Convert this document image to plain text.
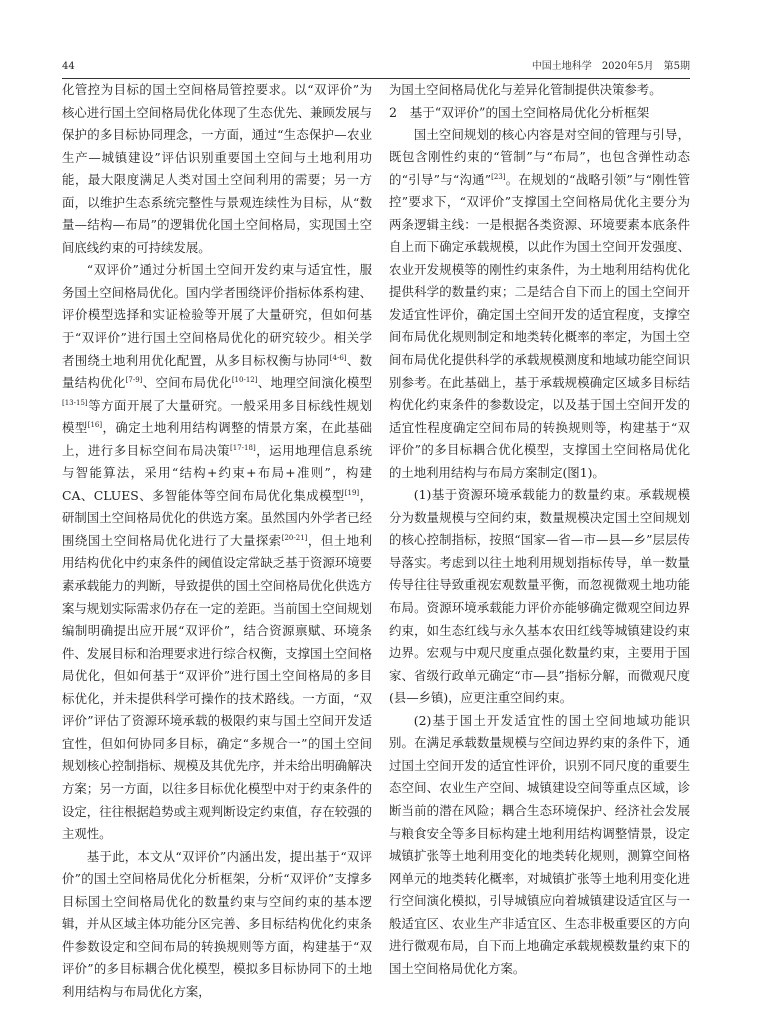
44	中国土地科学　 2020年5月　第5期

化管控为目标的国土空间格局管控要求。以“双评价”为核心进行国土空间格局优化体现了生态优先、兼顾发展与保护的多目标协同理念，一方面，通过“生态保护—农业生产—城镇建设”评估识别重要国土空间与土地利用功能，最大限度满足人类对国土空间利用的需要；另一方面，以维护生态系统完整性与景观连续性为目标，从“数量—结构—布局”的逻辑优化国土空间格局，实现国土空间底线约束的可持续发展。

“双评价”通过分析国土空间开发约束与适宜性，服务国土空间格局优化。国内学者围绕评价指标体系构建、评价模型选择和实证检验等开展了大量研究，但如何基于“双评价”进行国土空间格局优化的研究较少。相关学者围绕土地利用优化配置，从多目标权衡与协同[4-6]、数量结构优化[7-9]、空间布局优化[10-12]、地理空间演化模型[13-15]等方面开展了大量研究。一般采用多目标线性规划模型[16]，确定土地利用结构调整的情景方案，在此基础上，进行多目标空间布局决策[17-18]，运用地理信息系统与智能算法，采用“结构+约束+布局+准则”，构建CA、CLUES、多智能体等空间布局优化集成模型[19]，研制国土空间格局优化的供选方案。虽然国内外学者已经围绕国土空间格局优化进行了大量探索[20-21]，但土地利用结构优化中约束条件的阈值设定常缺乏基于资源环境要素承载能力的判断，导致提供的国土空间格局优化供选方案与规划实际需求仍存在一定的差距。当前国土空间规划编制明确提出应开展“双评价”，结合资源禀赋、环境条件、发展目标和治理要求进行综合权衡，支撑国土空间格局优化，但如何基于“双评价”进行国土空间格局的多目标优化，并未提供科学可操作的技术路线。一方面，“双评价”评估了资源环境承载的极限约束与国土空间开发适宜性，但如何协同多目标，确定“多规合一”的国土空间规划核心控制指标、规模及其优先序，并未给出明确解决方案；另一方面，以往多目标优化模型中对于约束条件的设定，往往根据趋势或主观判断设定约束值，存在较强的主观性。

基于此，本文从“双评价”内涵出发，提出基于“双评价”的国土空间格局优化分析框架，分析“双评价”支撑多目标国土空间格局优化的数量约束与空间约束的基本逻辑，并从区域主体功能分区完善、多目标结构优化约束条件参数设定和空间布局的转换规则等方面，构建基于“双评价”的多目标耦合优化模型，模拟多目标协同下的土地利用结构与布局优化方案，

为国土空间格局优化与差异化管制提供决策参考。

2　基于“双评价”的国土空间格局优化分析框架

国土空间规划的核心内容是对空间的管理与引导，既包含刚性约束的“管制”与“布局”，也包含弹性动态的“引导”与“沟通”[23]。在规划的“战略引领”与“刚性管控”要求下，“双评价”支撑国土空间格局优化主要分为两条逻辑主线：一是根据各类资源、环境要素本底条件自上而下确定承载规模，以此作为国土空间开发强度、农业开发规模等的刚性约束条件，为土地利用结构优化提供科学的数量约束；二是结合自下而上的国土空间开发适宜性评价，确定国土空间开发的适宜程度，支撑空间布局优化规则制定和地类转化概率的率定，为国土空间布局优化提供科学的承载规模测度和地域功能空间识别参考。在此基础上，基于承载规模确定区域多目标结构优化约束条件的参数设定，以及基于国土空间开发的适宜性程度确定空间布局的转换规则等，构建基于“双评价”的多目标耦合优化模型，支撑国土空间格局优化的土地利用结构与布局方案制定(图1)。

(1)基于资源环境承载能力的数量约束。承载规模分为数量规模与空间约束，数量规模决定国土空间规划的核心控制指标，按照“国家—省—市—县—乡”层层传导落实。考虑到以往土地利用规划指标传导，单一数量传导往往导致重视宏观数量平衡，而忽视微观土地功能布局。资源环境承载能力评价亦能够确定微观空间边界约束，如生态红线与永久基本农田红线等城镇建设约束边界。宏观与中观尺度重点强化数量约束，主要用于国家、省级行政单元确定“市—县”指标分解，而微观尺度(县—乡镇)，应更注重空间约束。

(2)基于国土开发适宜性的国土空间地域功能识别。在满足承载数量规模与空间边界约束的条件下，通过国土空间开发的适宜性评价，识别不同尺度的重要生态空间、农业生产空间、城镇建设空间等重点区域，诊断当前的潜在风险；耦合生态环境保护、经济社会发展与粮食安全等多目标构建土地利用结构调整情景，设定城镇扩张等土地利用变化的地类转化规则，测算空间格网单元的地类转化概率，对城镇扩张等土地利用变化进行空间演化模拟，引导城镇应向着城镇建设适宜区与一般适宜区、农业生产非适宜区、生态非极重要区的方向进行微观布局，自下而上地确定承载规模数量约束下的国土空间格局优化方案。
